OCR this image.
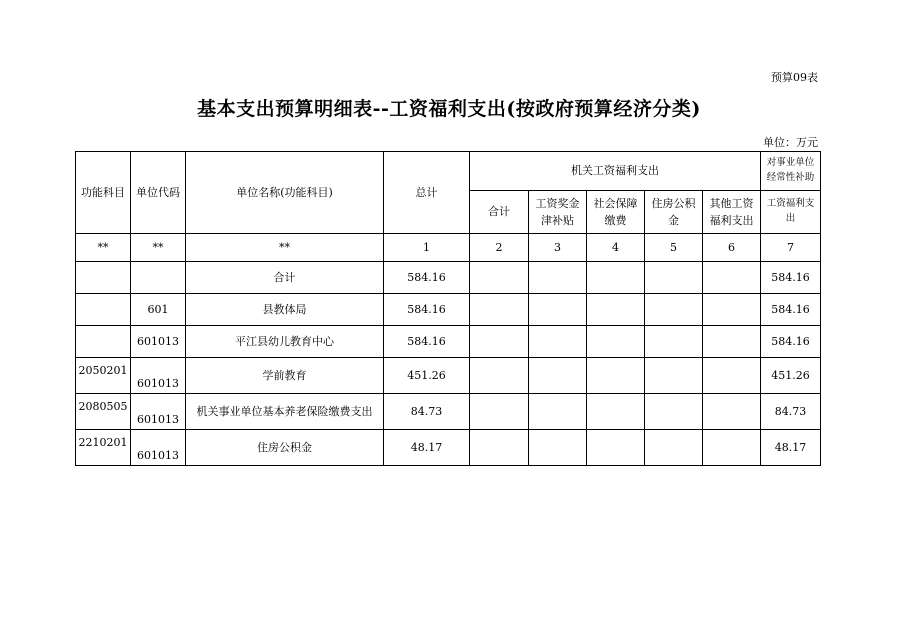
预算09表
基本支出预算明细表--工资福利支出(按政府预算经济分类)
单位：万元
功能科目	单位代码	单位名称(功能科目)	总计	机关工资福利支出					对事业单位经常性补助
				合计	工资奖金津补贴	社会保障缴费	住房公积金	其他工资福利支出	工资福利支出
**	**	**	1	2	3	4	5	6	7
		合计	584.16						584.16
	601	县教体局	584.16						584.16
	601013	平江县幼儿教育中心	584.16						584.16
2050201	601013	学前教育	451.26						451.26
2080505	601013	机关事业单位基本养老保险缴费支出	84.73						84.73
2210201	601013	住房公积金	48.17						48.17
